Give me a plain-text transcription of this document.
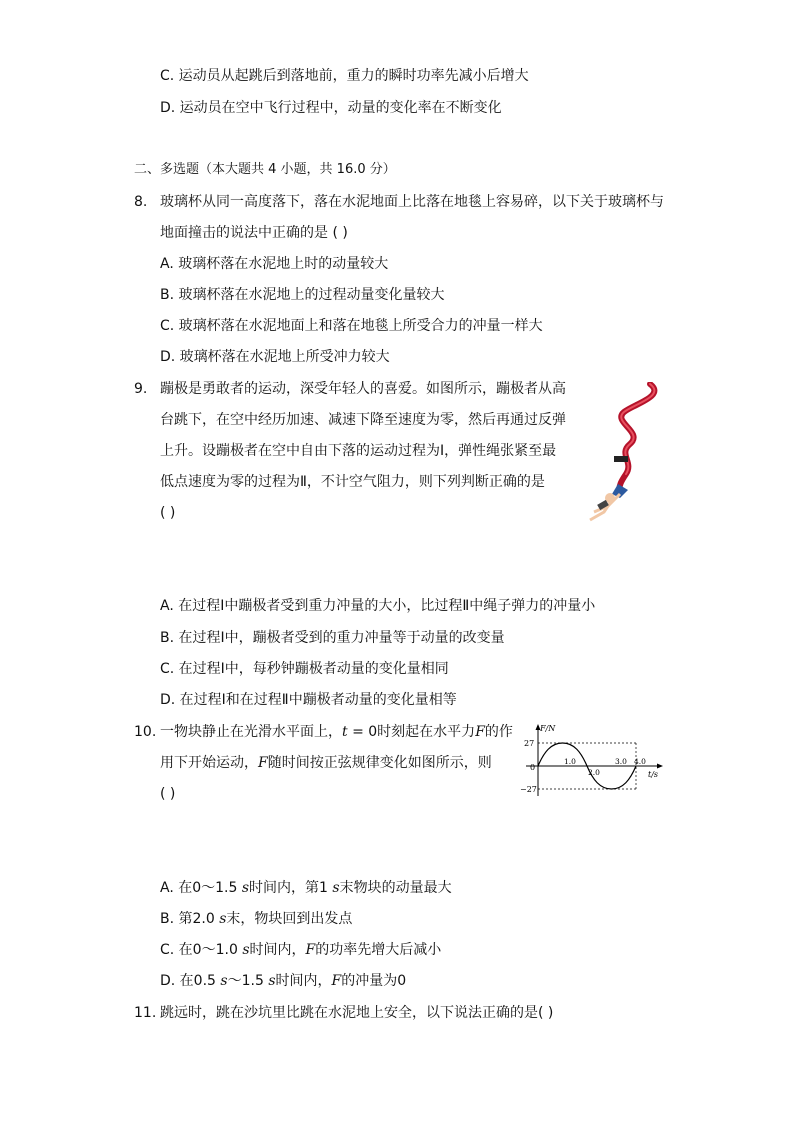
C. 运动员从起跳后到落地前，重力的瞬时功率先减小后增大
D. 运动员在空中飞行过程中，动量的变化率在不断变化
二、多选题（本大题共 4 小题，共 16.0 分）
8. 玻璃杯从同一高度落下，落在水泥地面上比落在地毯上容易碎，以下关于玻璃杯与
地面撞击的说法中正确的是 ( )
A. 玻璃杯落在水泥地上时的动量较大
B. 玻璃杯落在水泥地上的过程动量变化量较大
C. 玻璃杯落在水泥地面上和落在地毯上所受合力的冲量一样大
D. 玻璃杯落在水泥地上所受冲力较大
9. 蹦极是勇敢者的运动，深受年轻人的喜爱。如图所示，蹦极者从高
台跳下，在空中经历加速、减速下降至速度为零，然后再通过反弹
上升。设蹦极者在空中自由下落的运动过程为Ⅰ，弹性绳张紧至最
低点速度为零的过程为Ⅱ，不计空气阻力，则下列判断正确的是
( )
A. 在过程Ⅰ中蹦极者受到重力冲量的大小，比过程Ⅱ中绳子弹力的冲量小
B. 在过程Ⅰ中，蹦极者受到的重力冲量等于动量的改变量
C. 在过程Ⅰ中，每秒钟蹦极者动量的变化量相同
D. 在过程Ⅰ和在过程Ⅱ中蹦极者动量的变化量相等
10. 一物块静止在光滑水平面上，t = 0时刻起在水平力F的作
用下开始运动，F随时间按正弦规律变化如图所示，则
( )
F/N
27
−27
0
1.0
2.0
3.0 4.0
t/s
A. 在0～1.5 s时间内，第1 s末物块的动量最大
B. 第2.0 s末，物块回到出发点
C. 在0～1.0 s时间内，F的功率先增大后减小
D. 在0.5 s～1.5 s时间内，F的冲量为0
11. 跳远时，跳在沙坑里比跳在水泥地上安全，以下说法正确的是( )
